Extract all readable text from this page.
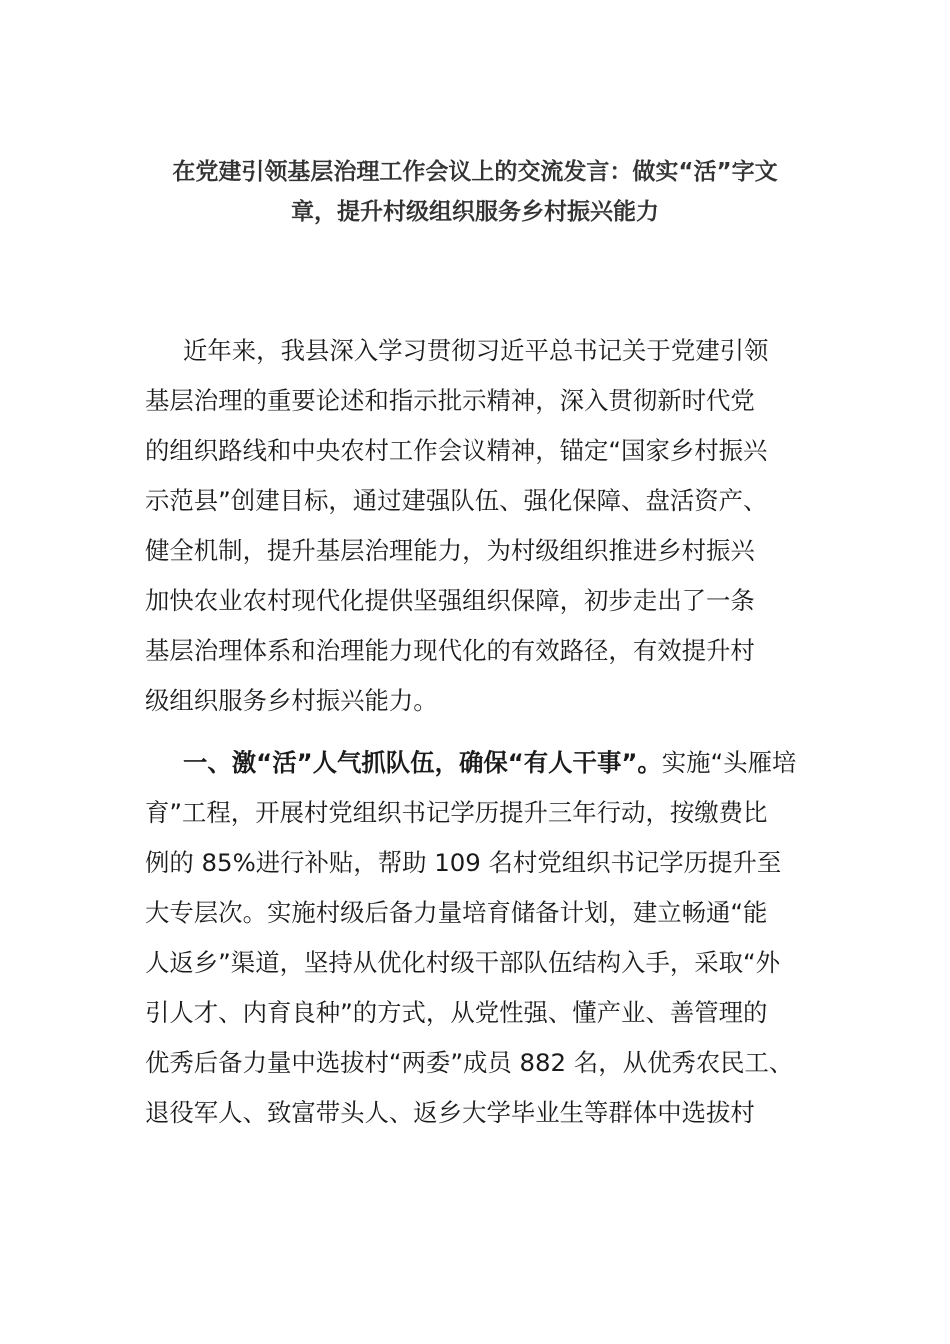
在党建引领基层治理工作会议上的交流发言：做实“活”字文
章，提升村级组织服务乡村振兴能力
近年来，我县深入学习贯彻习近平总书记关于党建引领
基层治理的重要论述和指示批示精神，深入贯彻新时代党
的组织路线和中央农村工作会议精神，锚定“国家乡村振兴
示范县”创建目标，通过建强队伍、强化保障、盘活资产、
健全机制，提升基层治理能力，为村级组织推进乡村振兴
加快农业农村现代化提供坚强组织保障，初步走出了一条
基层治理体系和治理能力现代化的有效路径，有效提升村
级组织服务乡村振兴能力。
一、激“活”人气抓队伍，确保“有人干事”。实施“头雁培
育”工程，开展村党组织书记学历提升三年行动，按缴费比
例的 85%进行补贴，帮助 109 名村党组织书记学历提升至
大专层次。实施村级后备力量培育储备计划，建立畅通“能
人返乡”渠道，坚持从优化村级干部队伍结构入手，采取“外
引人才、内育良种”的方式，从党性强、懂产业、善管理的
优秀后备力量中选拔村“两委”成员 882 名，从优秀农民工、
退役军人、致富带头人、返乡大学毕业生等群体中选拔村
